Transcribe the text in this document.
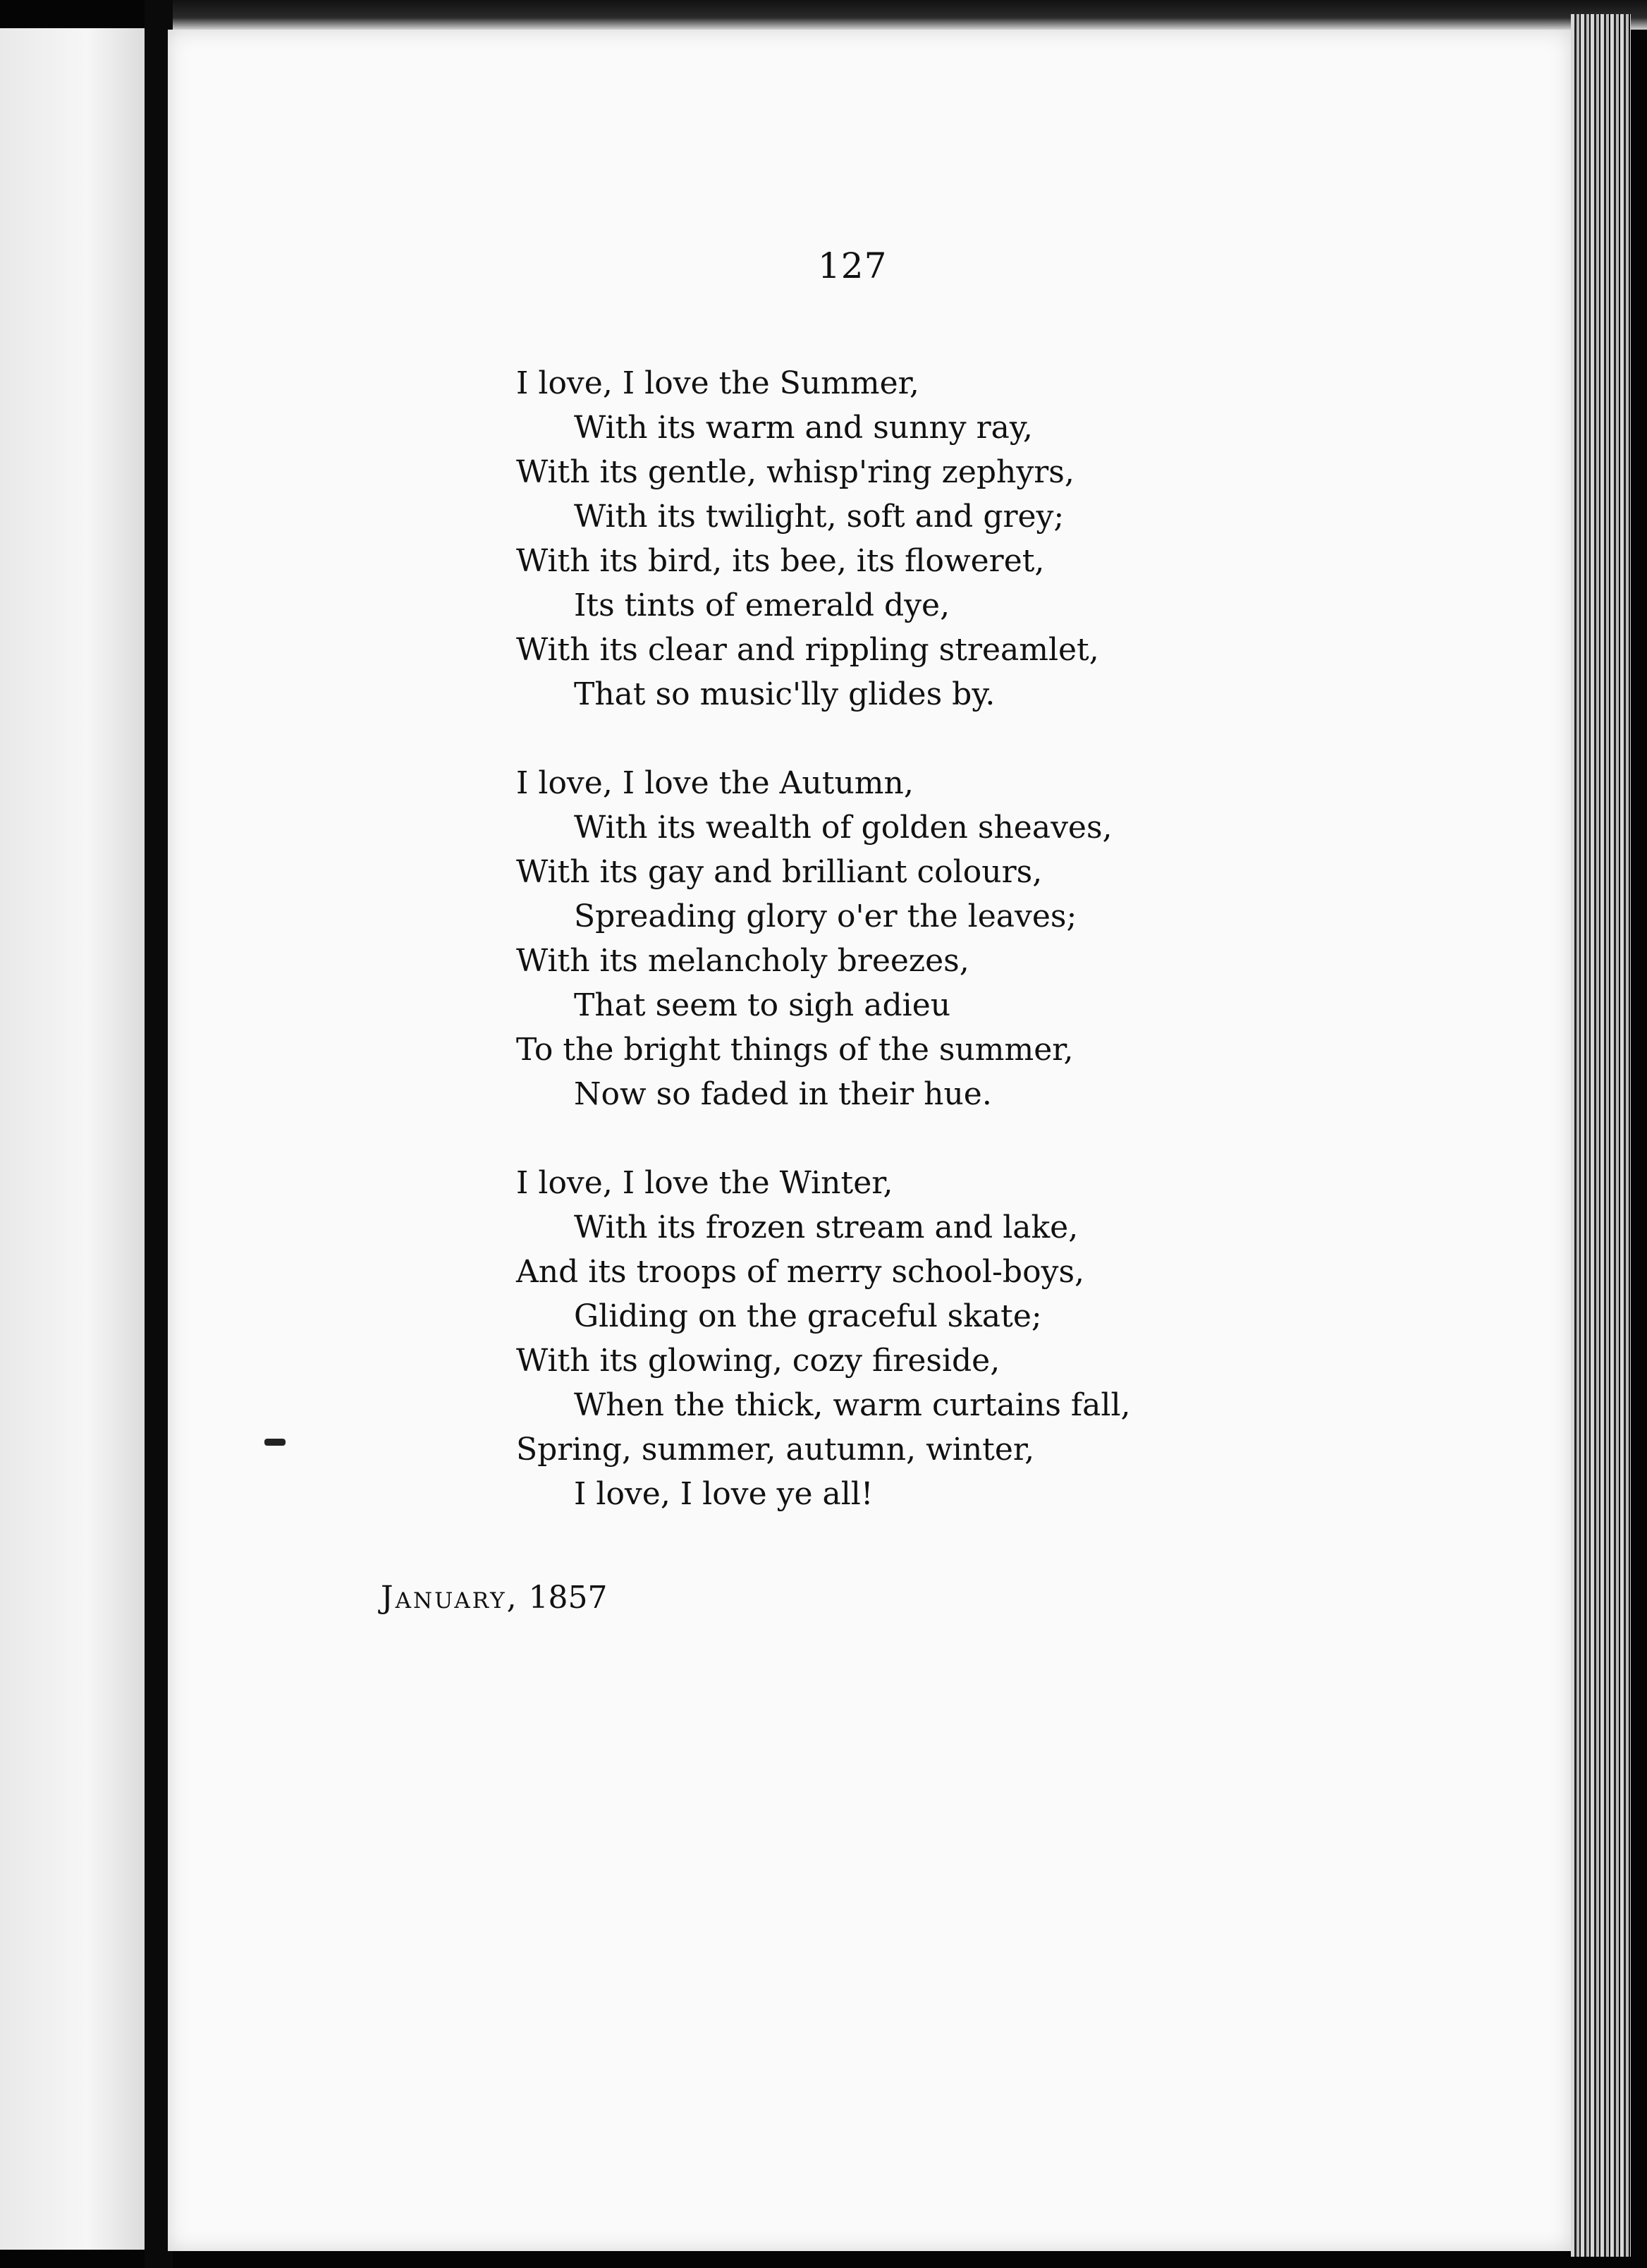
127
I love, I love the Summer,
With its warm and sunny ray,
With its gentle, whisp'ring zephyrs,
With its twilight, soft and grey;
With its bird, its bee, its floweret,
Its tints of emerald dye,
With its clear and rippling streamlet,
That so music'lly glides by.
I love, I love the Autumn,
With its wealth of golden sheaves,
With its gay and brilliant colours,
Spreading glory o'er the leaves;
With its melancholy breezes,
That seem to sigh adieu
To the bright things of the summer,
Now so faded in their hue.
I love, I love the Winter,
With its frozen stream and lake,
And its troops of merry school-boys,
Gliding on the graceful skate;
With its glowing, cozy fireside,
When the thick, warm curtains fall,
Spring, summer, autumn, winter,
I love, I love ye all!
January, 1857
